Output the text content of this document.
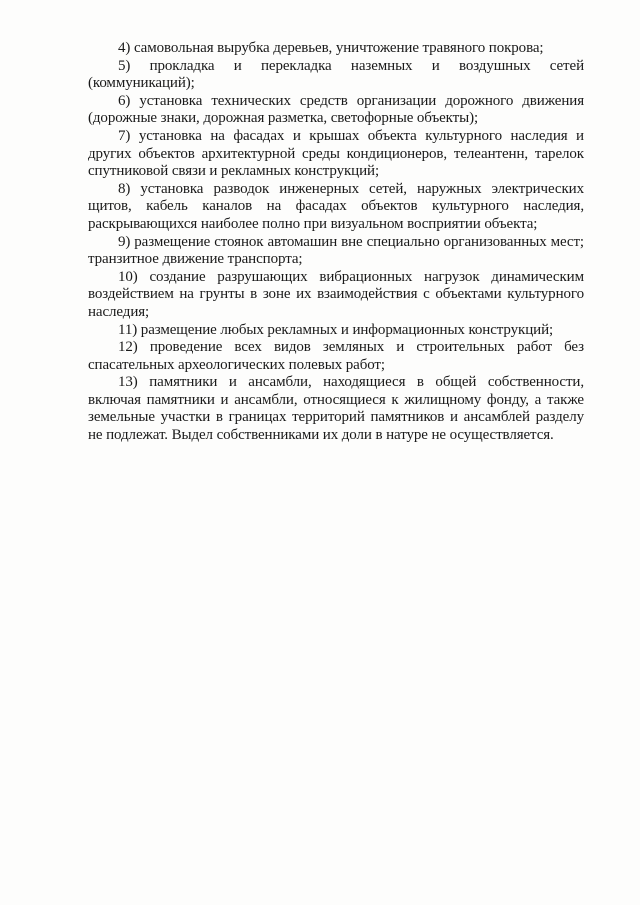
4) самовольная вырубка деревьев, уничтожение травяного покрова;

5) прокладка и перекладка наземных и воздушных сетей (коммуникаций);

6) установка технических средств организации дорожного движения (дорожные знаки, дорожная разметка, светофорные объекты);

7) установка на фасадах и крышах объекта культурного наследия и других объектов архитектурной среды кондиционеров, телеантенн, тарелок спутниковой связи и рекламных конструкций;

8) установка разводок инженерных сетей, наружных электрических щитов, кабель каналов на фасадах объектов культурного наследия, раскрывающихся наиболее полно при визуальном восприятии объекта;

9) размещение стоянок автомашин вне специально организованных мест; транзитное движение транспорта;

10) создание разрушающих вибрационных нагрузок динамическим воздействием на грунты в зоне их взаимодействия с объектами культурного наследия;

11) размещение любых рекламных и информационных конструкций;

12) проведение всех видов земляных и строительных работ без спасательных археологических полевых работ;

13) памятники и ансамбли, находящиеся в общей собственности, включая памятники и ансамбли, относящиеся к жилищному фонду, а также земельные участки в границах территорий памятников и ансамблей разделу не подлежат. Выдел собственниками их доли в натуре не осуществляется.
